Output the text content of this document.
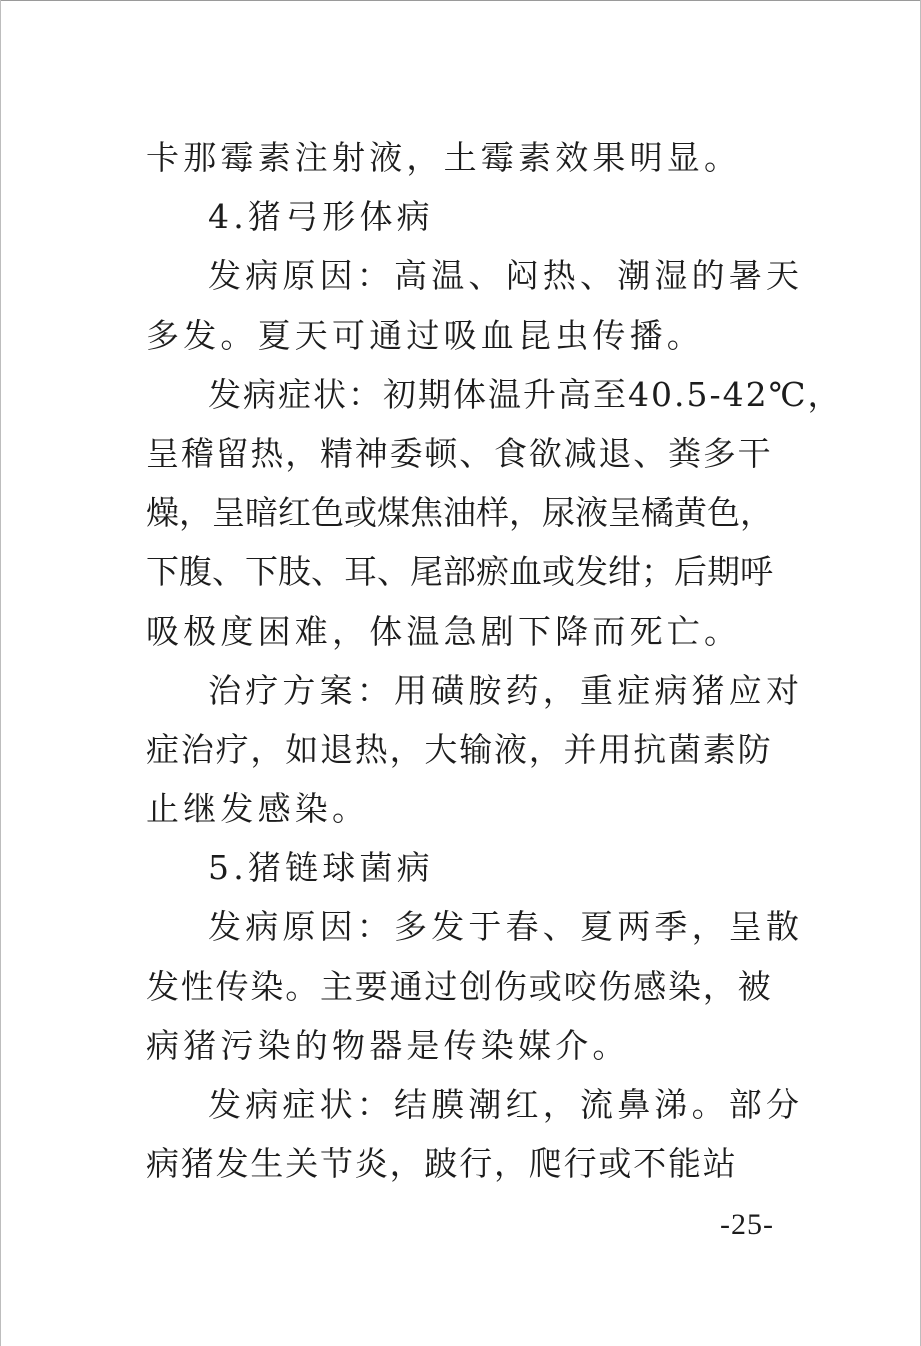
卡那霉素注射液，土霉素效果明显。
4.猪弓形体病
发病原因：高温、闷热、潮湿的暑天
多发。夏天可通过吸血昆虫传播。
发病症状：初期体温升高至40.5-42℃，
呈稽留热，精神委顿、食欲减退、粪多干
燥，呈暗红色或煤焦油样，尿液呈橘黄色，
下腹、下肢、耳、尾部瘀血或发绀；后期呼
吸极度困难，体温急剧下降而死亡。
治疗方案：用磺胺药，重症病猪应对
症治疗，如退热，大输液，并用抗菌素防
止继发感染。
5.猪链球菌病
发病原因：多发于春、夏两季，呈散
发性传染。主要通过创伤或咬伤感染，被
病猪污染的物器是传染媒介。
发病症状：结膜潮红，流鼻涕。部分
病猪发生关节炎，跛行，爬行或不能站
-25-
